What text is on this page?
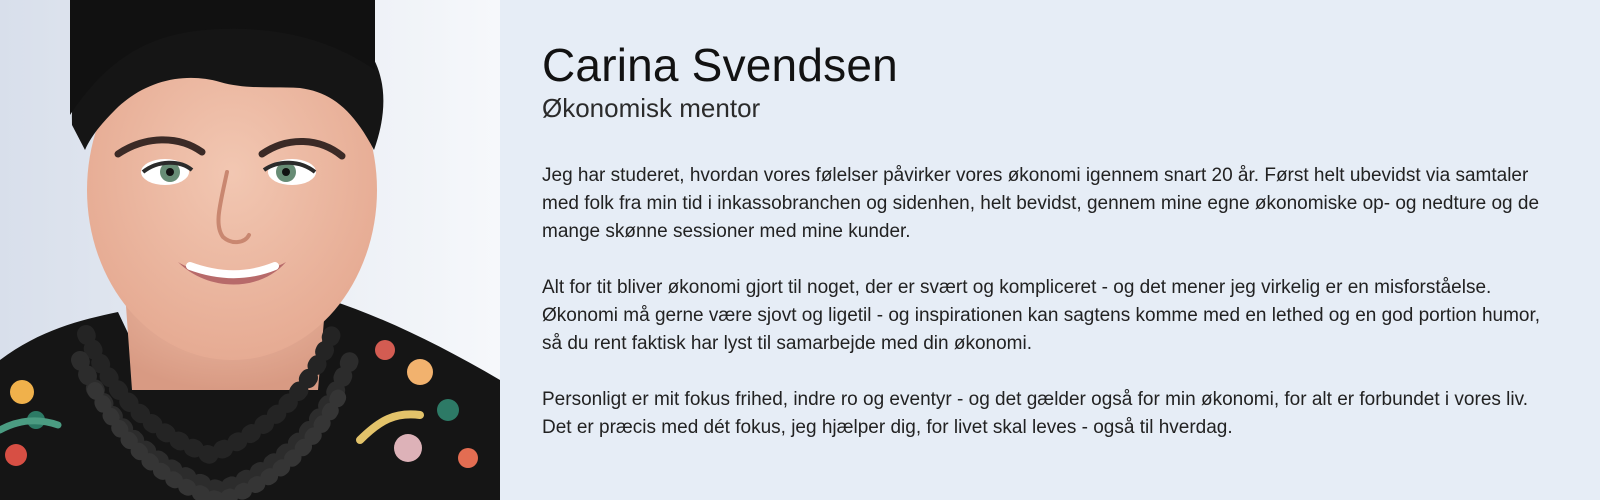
Carina Svendsen
Økonomisk mentor

Jeg har studeret, hvordan vores følelser påvirker vores økonomi igennem snart 20 år. Først helt ubevidst via samtaler med folk fra min tid i inkassobranchen og sidenhen, helt bevidst, gennem mine egne økonomiske op- og nedture og de mange skønne sessioner med mine kunder.

Alt for tit bliver økonomi gjort til noget, der er svært og kompliceret - og det mener jeg virkelig er en misforståelse. Økonomi må gerne være sjovt og ligetil - og inspirationen kan sagtens komme med en lethed og en god portion humor, så du rent faktisk har lyst til samarbejde med din økonomi.

Personligt er mit fokus frihed, indre ro og eventyr - og det gælder også for min økonomi, for alt er forbundet i vores liv. Det er præcis med dét fokus, jeg hjælper dig, for livet skal leves - også til hverdag.
